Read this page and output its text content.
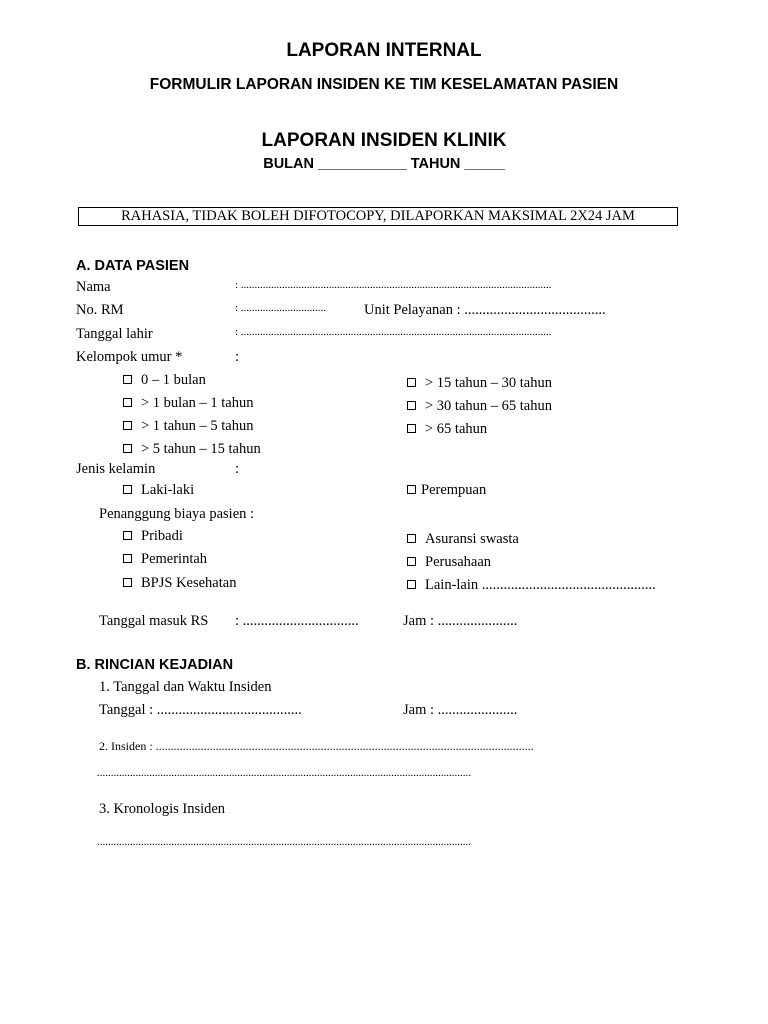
LAPORAN INTERNAL
FORMULIR LAPORAN INSIDEN KE TIM KESELAMATAN PASIEN
LAPORAN INSIDEN KLINIK
BULAN ___________ TAHUN _____
RAHASIA, TIDAK BOLEH DIFOTOCOPY, DILAPORKAN MAKSIMAL 2X24 JAM
A. DATA PASIEN
Nama	: .................................................................................................................
No. RM	: ...............................	Unit Pelayanan : .......................................
Tanggal lahir	: .................................................................................................................
Kelompok umur *	:
0 – 1 bulan
> 1 bulan – 1 tahun
> 1 tahun – 5 tahun
> 5 tahun – 15 tahun
> 15 tahun – 30 tahun
> 30 tahun – 65 tahun
> 65 tahun
Jenis kelamin	:
Laki-laki	Perempuan
Penanggung biaya pasien :
Pribadi
Pemerintah
BPJS Kesehatan
Asuransi swasta
Perusahaan
Lain-lain ................................................
Tanggal masuk RS : ................................	Jam : ......................
B. RINCIAN KEJADIAN
1. Tanggal dan Waktu Insiden
Tanggal : ........................................	Jam : ......................
2. Insiden : ..............................................................................................................................
........................................................................................................................................
3. Kronologis Insiden
........................................................................................................................................
